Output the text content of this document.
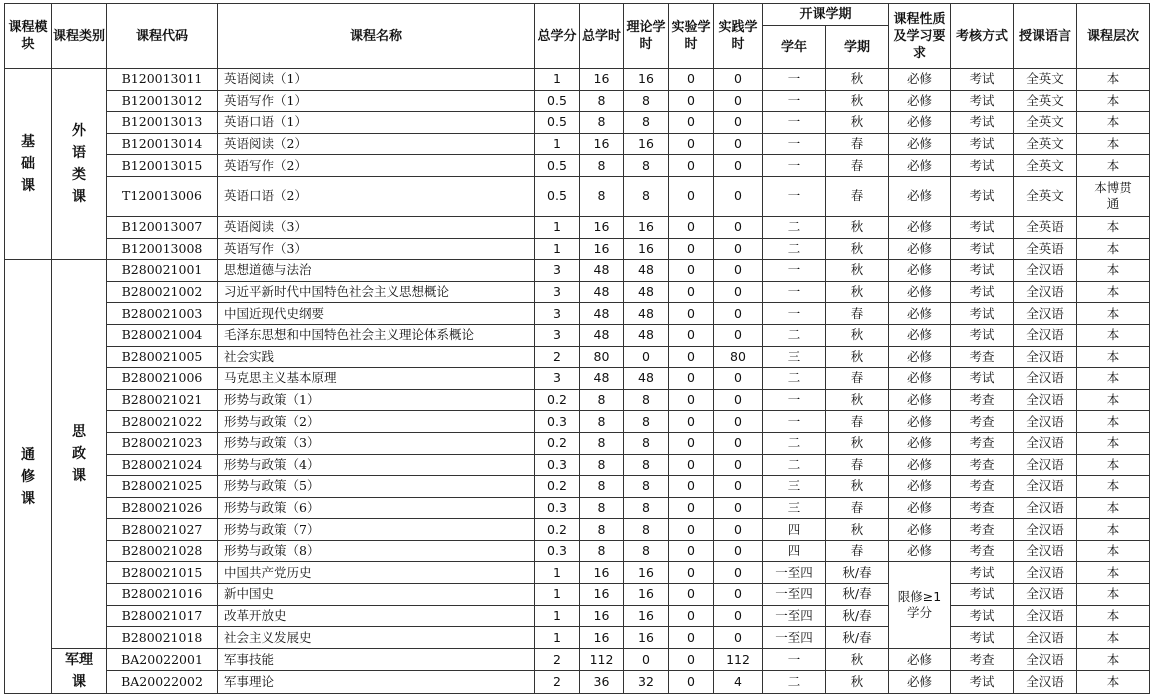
课程模块	课程类别	课程代码	课程名称	总学分	总学时	理论学时	实验学时	实践学时	开课学期		课程性质及学习要求	考核方式	授课语言	课程层次
									学年	学期				
基础课	外语类课	B120013011	英语阅读（1）	1	16	16	0	0	一	秋	必修	考试	全英文	本
		B120013012	英语写作（1）	0.5	8	8	0	0	一	秋	必修	考试	全英文	本
		B120013013	英语口语（1）	0.5	8	8	0	0	一	秋	必修	考试	全英文	本
		B120013014	英语阅读（2）	1	16	16	0	0	一	春	必修	考试	全英文	本
		B120013015	英语写作（2）	0.5	8	8	0	0	一	春	必修	考试	全英文	本
		T120013006	英语口语（2）	0.5	8	8	0	0	一	春	必修	考试	全英文	本博贯通
		B120013007	英语阅读（3）	1	16	16	0	0	二	秋	必修	考试	全英语	本
		B120013008	英语写作（3）	1	16	16	0	0	二	秋	必修	考试	全英语	本
通修课	思政课	B280021001	思想道德与法治	3	48	48	0	0	一	秋	必修	考试	全汉语	本
		B280021002	习近平新时代中国特色社会主义思想概论	3	48	48	0	0	一	秋	必修	考试	全汉语	本
		B280021003	中国近现代史纲要	3	48	48	0	0	一	春	必修	考试	全汉语	本
		B280021004	毛泽东思想和中国特色社会主义理论体系概论	3	48	48	0	0	二	秋	必修	考试	全汉语	本
		B280021005	社会实践	2	80	0	0	80	三	秋	必修	考查	全汉语	本
		B280021006	马克思主义基本原理	3	48	48	0	0	二	春	必修	考试	全汉语	本
		B280021021	形势与政策（1）	0.2	8	8	0	0	一	秋	必修	考查	全汉语	本
		B280021022	形势与政策（2）	0.3	8	8	0	0	一	春	必修	考查	全汉语	本
		B280021023	形势与政策（3）	0.2	8	8	0	0	二	秋	必修	考查	全汉语	本
		B280021024	形势与政策（4）	0.3	8	8	0	0	二	春	必修	考查	全汉语	本
		B280021025	形势与政策（5）	0.2	8	8	0	0	三	秋	必修	考查	全汉语	本
		B280021026	形势与政策（6）	0.3	8	8	0	0	三	春	必修	考查	全汉语	本
		B280021027	形势与政策（7）	0.2	8	8	0	0	四	秋	必修	考查	全汉语	本
		B280021028	形势与政策（8）	0.3	8	8	0	0	四	春	必修	考查	全汉语	本
		B280021015	中国共产党历史	1	16	16	0	0	一至四	秋/春	限修≥1学分	考试	全汉语	本
		B280021016	新中国史	1	16	16	0	0	一至四	秋/春		考试	全汉语	本
		B280021017	改革开放史	1	16	16	0	0	一至四	秋/春		考试	全汉语	本
		B280021018	社会主义发展史	1	16	16	0	0	一至四	秋/春		考试	全汉语	本
	军理课	BA20022001	军事技能	2	112	0	0	112	一	秋	必修	考查	全汉语	本
		BA20022002	军事理论	2	36	32	0	4	二	秋	必修	考试	全汉语	本
